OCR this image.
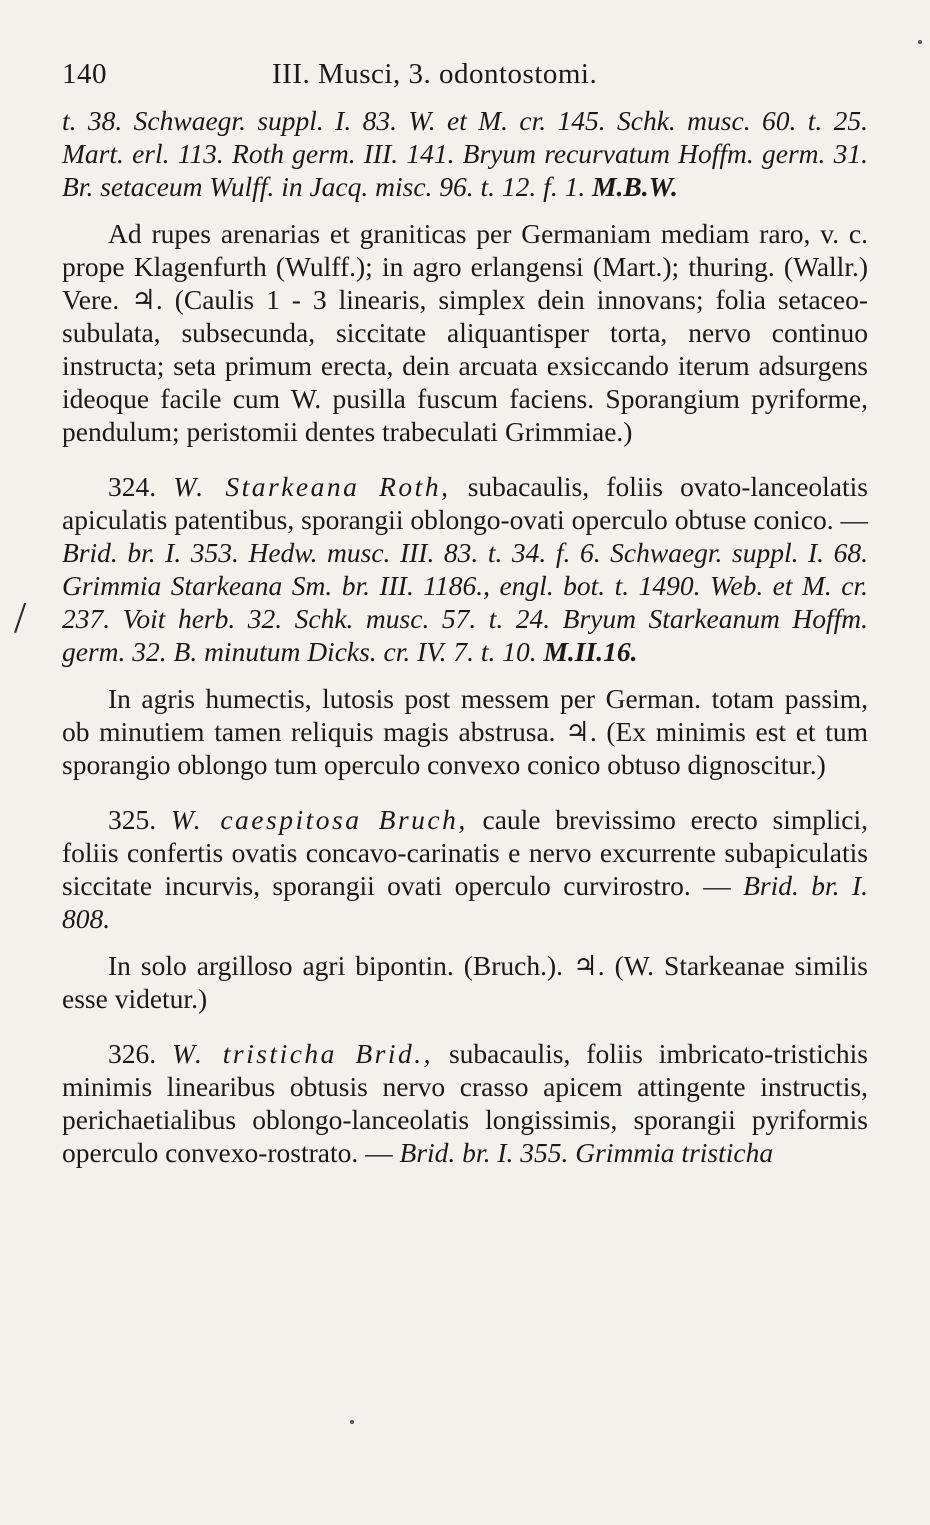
140	III. Musci, 3. odontostomi.

t. 38. Schwaegr. suppl. I. 83. W. et M. cr. 145. Schk. musc. 60. t. 25. Mart. erl. 113. Roth germ. III. 141. Bryum recurvatum Hoffm. germ. 31. Br. setaceum Wulff. in Jacq. misc. 96. t. 12. f. 1. M.B.W.

Ad rupes arenarias et graniticas per Germaniam mediam raro, v. c. prope Klagenfurth (Wulff.); in agro erlangensi (Mart.); thuring. (Wallr.) Vere. ♃. (Caulis 1 - 3 linearis, simplex dein innovans; folia setaceo-subulata, subsecunda, siccitate aliquantisper torta, nervo continuo instructa; seta primum erecta, dein arcuata exsiccando iterum adsurgens ideoque facile cum W. pusilla fuscum faciens. Sporangium pyriforme, pendulum; peristomii dentes trabeculati Grimmiae.)

324. W. Starkeana Roth, subacaulis, foliis ovato-lanceolatis apiculatis patentibus, sporangii oblongo-ovati operculo obtuse conico. — Brid. br. I. 353. Hedw. musc. III. 83. t. 34. f. 6. Schwaegr. suppl. I. 68. Grimmia Starkeana Sm. br. III. 1186., engl. bot. t. 1490. Web. et M. cr. 237. Voit herb. 32. Schk. musc. 57. t. 24. Bryum Starkeanum Hoffm. germ. 32. B. minutum Dicks. cr. IV. 7. t. 10. M.II.16.

In agris humectis, lutosis post messem per German. totam passim, ob minutiem tamen reliquis magis abstrusa. ♃. (Ex minimis est et tum sporangio oblongo tum operculo convexo conico obtuso dignoscitur.)

325. W. caespitosa Bruch, caule brevissimo erecto simplici, foliis confertis ovatis concavo-carinatis e nervo excurrente subapiculatis siccitate incurvis, sporangii ovati operculo curvirostro. — Brid. br. I. 808.

In solo argilloso agri bipontin. (Bruch.). ♃. (W. Starkeanae similis esse videtur.)

326. W. tristicha Brid., subacaulis, foliis imbricato-tristichis minimis linearibus obtusis nervo crasso apicem attingente instructis, perichaetialibus oblongo-lanceolatis longissimis, sporangii pyriformis operculo convexo-rostrato. — Brid. br. I. 355. Grimmia tristicha

/
